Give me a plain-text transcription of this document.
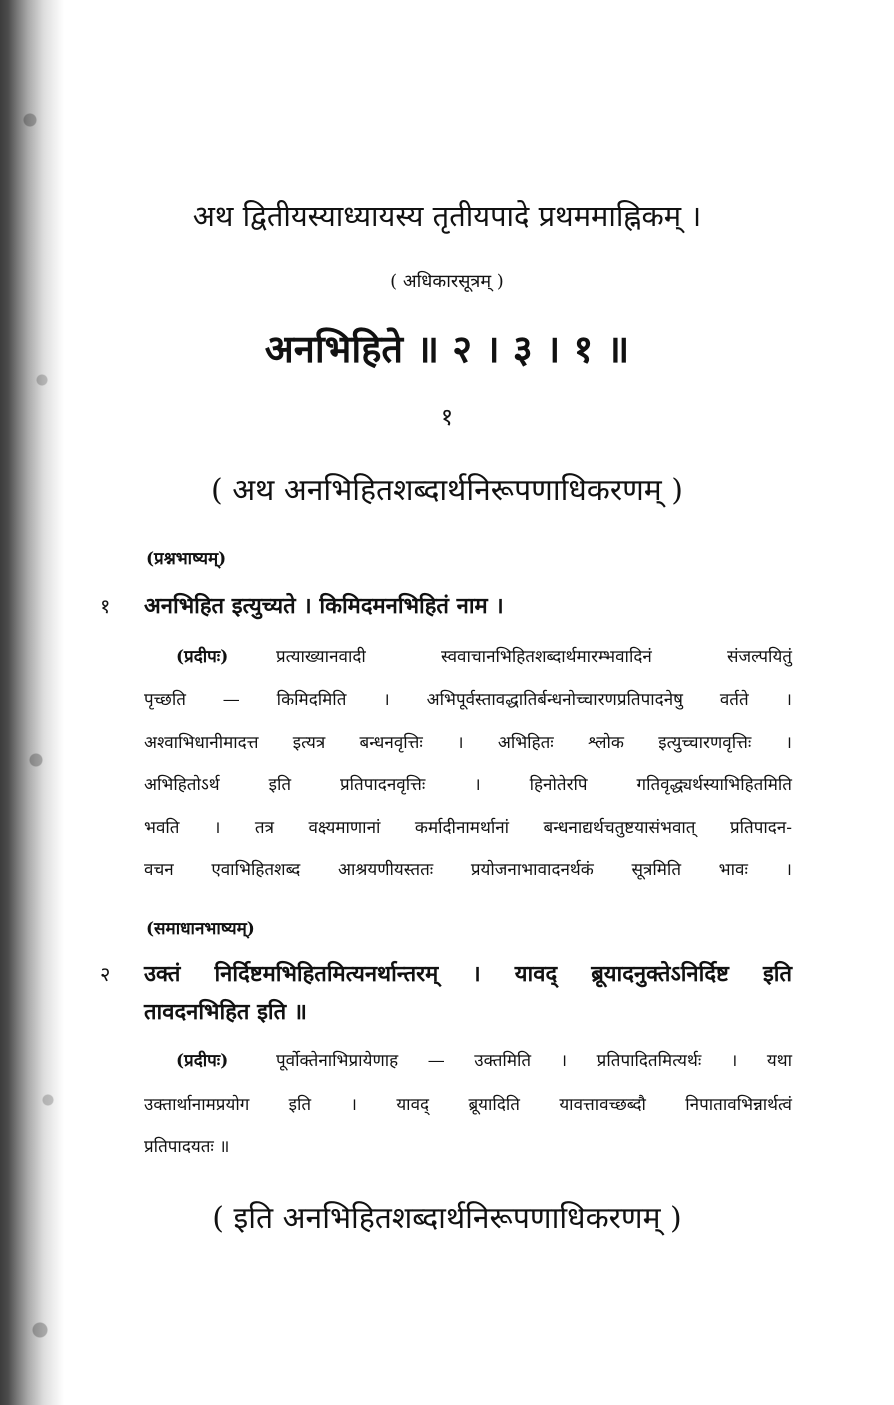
अथ द्वितीयस्याध्यायस्य तृतीयपादे प्रथममाह्निकम् ।
( अधिकारसूत्रम् )
अनभिहिते ॥ २ । ३ । १ ॥
१
( अथ अनभिहितशब्दार्थनिरूपणाधिकरणम् )
(प्रश्नभाष्यम्)
१ अनभिहित इत्युच्यते । किमिदमनभिहितं नाम ।
(प्रदीपः)	प्रत्याख्यानवादी स्ववाचानभिहितशब्दार्थमारम्भवादिनं संजल्पयितुं
पृच्छति — किमिदमिति । अभिपूर्वस्तावद्धातिर्बन्धनोच्चारणप्रतिपादनेषु वर्तते ।
अश्वाभिधानीमादत्त इत्यत्र बन्धनवृत्तिः । अभिहितः श्लोक इत्युच्चारणवृत्तिः ।
अभिहितोऽर्थ इति प्रतिपादनवृत्तिः । हिनोतेरपि गतिवृद्ध्यर्थस्याभिहितमिति
भवति । तत्र वक्ष्यमाणानां कर्मादीनामर्थानां बन्धनाद्यर्थचतुष्टयासंभवात् प्रतिपादन-
वचन एवाभिहितशब्द आश्रयणीयस्ततः प्रयोजनाभावादनर्थकं सूत्रमिति भावः ।
(समाधानभाष्यम्)
२ उक्तं निर्दिष्टमभिहितमित्यनर्थान्तरम् । यावद् ब्रूयादनुक्तेऽनिर्दिष्ट इति
तावदनभिहित इति ॥
(प्रदीपः)	पूर्वोक्तेनाभिप्रायेणाह — उक्तमिति । प्रतिपादितमित्यर्थः । यथा
उक्तार्थानामप्रयोग इति । यावद् ब्रूयादिति यावत्तावच्छब्दौ निपातावभिन्नार्थत्वं
प्रतिपादयतः ॥
( इति अनभिहितशब्दार्थनिरूपणाधिकरणम् )
